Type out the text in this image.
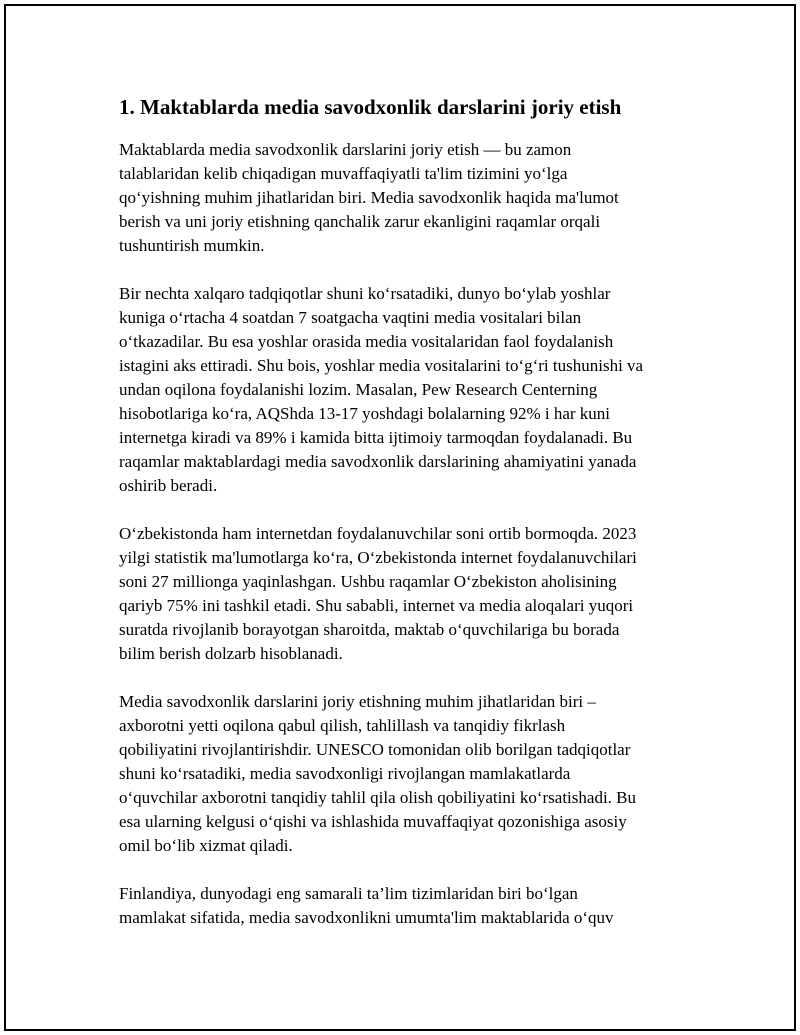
1. Maktablarda media savodxonlik darslarini joriy etish

Maktablarda media savodxonlik darslarini joriy etish — bu zamon
talablaridan kelib chiqadigan muvaffaqiyatli ta'lim tizimini yoʻlga
qoʻyishning muhim jihatlaridan biri. Media savodxonlik haqida ma'lumot
berish va uni joriy etishning qanchalik zarur ekanligini raqamlar orqali
tushuntirish mumkin.

Bir nechta xalqaro tadqiqotlar shuni koʻrsatadiki, dunyo boʻylab yoshlar
kuniga oʻrtacha 4 soatdan 7 soatgacha vaqtini media vositalari bilan
oʻtkazadilar. Bu esa yoshlar orasida media vositalaridan faol foydalanish
istagini aks ettiradi. Shu bois, yoshlar media vositalarini toʻgʻri tushunishi va
undan oqilona foydalanishi lozim. Masalan, Pew Research Centerning
hisobotlariga koʻra, AQShda 13-17 yoshdagi bolalarning 92% i har kuni
internetga kiradi va 89% i kamida bitta ijtimoiy tarmoqdan foydalanadi. Bu
raqamlar maktablardagi media savodxonlik darslarining ahamiyatini yanada
oshirib beradi.

Oʻzbekistonda ham internetdan foydalanuvchilar soni ortib bormoqda. 2023
yilgi statistik ma'lumotlarga koʻra, Oʻzbekistonda internet foydalanuvchilari
soni 27 millionga yaqinlashgan. Ushbu raqamlar Oʻzbekiston aholisining
qariyb 75% ini tashkil etadi. Shu sababli, internet va media aloqalari yuqori
suratda rivojlanib borayotgan sharoitda, maktab oʻquvchilariga bu borada
bilim berish dolzarb hisoblanadi.

Media savodxonlik darslarini joriy etishning muhim jihatlaridan biri –
axborotni yetti oqilona qabul qilish, tahlillash va tanqidiy fikrlash
qobiliyatini rivojlantirishdir. UNESCO tomonidan olib borilgan tadqiqotlar
shuni koʻrsatadiki, media savodxonligi rivojlangan mamlakatlarda
oʻquvchilar axborotni tanqidiy tahlil qila olish qobiliyatini koʻrsatishadi. Bu
esa ularning kelgusi oʻqishi va ishlashida muvaffaqiyat qozonishiga asosiy
omil boʻlib xizmat qiladi.

Finlandiya, dunyodagi eng samarali ta’lim tizimlaridan biri boʻlgan
mamlakat sifatida, media savodxonlikni umumta'lim maktablarida oʻquv
